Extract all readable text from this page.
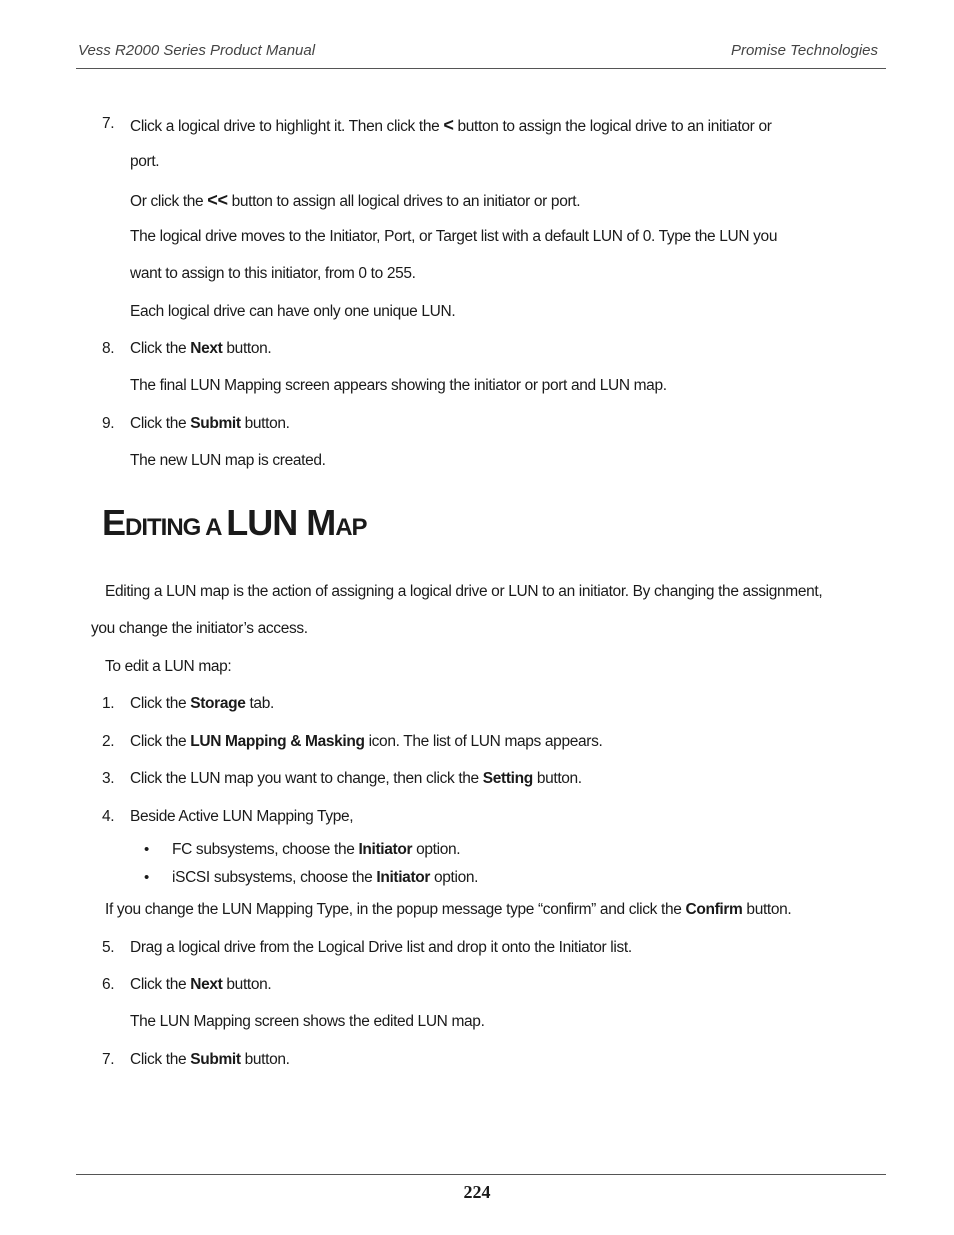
Vess R2000 Series Product Manual	Promise Technologies
7. Click a logical drive to highlight it. Then click the < button to assign the logical drive to an initiator or
port.
Or click the << button to assign all logical drives to an initiator or port.
The logical drive moves to the Initiator, Port, or Target list with a default LUN of 0. Type the LUN you
want to assign to this initiator, from 0 to 255.
Each logical drive can have only one unique LUN.
8. Click the Next button.
The final LUN Mapping screen appears showing the initiator or port and LUN map.
9. Click the Submit button.
The new LUN map is created.
EDITING A LUN MAP
Editing a LUN map is the action of assigning a logical drive or LUN to an initiator. By changing the assignment,
you change the initiator’s access.
To edit a LUN map:
1. Click the Storage tab.
2. Click the LUN Mapping & Masking icon. The list of LUN maps appears.
3. Click the LUN map you want to change, then click the Setting button.
4. Beside Active LUN Mapping Type,
• FC subsystems, choose the Initiator option.
• iSCSI subsystems, choose the Initiator option.
If you change the LUN Mapping Type, in the popup message type “confirm” and click the Confirm button.
5. Drag a logical drive from the Logical Drive list and drop it onto the Initiator list.
6. Click the Next button.
The LUN Mapping screen shows the edited LUN map.
7. Click the Submit button.
224
